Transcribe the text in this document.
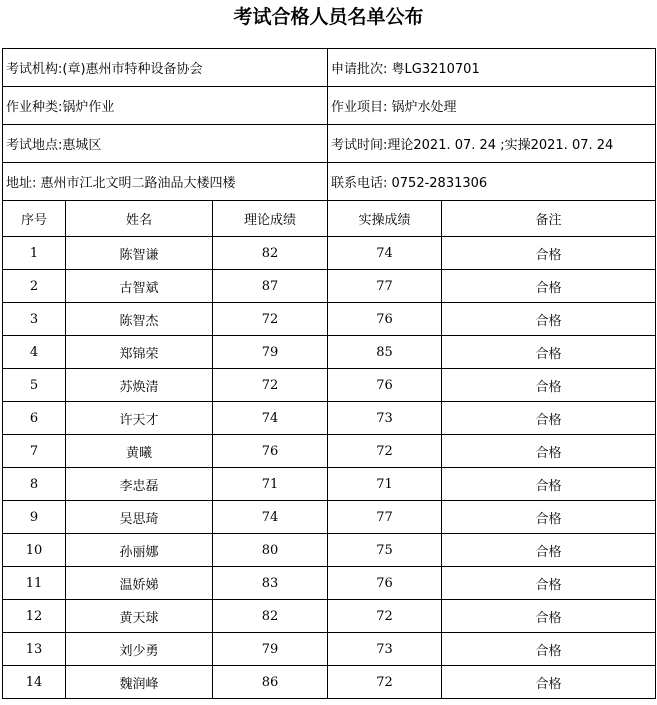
考试合格人员名单公布
考试机构:(章)惠州市特种设备协会			申请批次: 粤LG3210701	
作业种类:锅炉作业			作业项目: 锅炉水处理	
考试地点:惠城区			考试时间:理论2021. 07. 24 ;实操2021. 07. 24	
地址: 惠州市江北文明二路油品大楼四楼			联系电话: 0752-2831306	
序号	姓名	理论成绩	实操成绩	备注
1	陈智谦	82	74	合格
2	古智斌	87	77	合格
3	陈智杰	72	76	合格
4	郑锦荣	79	85	合格
5	苏焕清	72	76	合格
6	许天才	74	73	合格
7	黄曦	76	72	合格
8	李忠磊	71	71	合格
9	吴思琦	74	77	合格
10	孙丽娜	80	75	合格
11	温娇娣	83	76	合格
12	黄天球	82	72	合格
13	刘少勇	79	73	合格
14	魏润峰	86	72	合格
